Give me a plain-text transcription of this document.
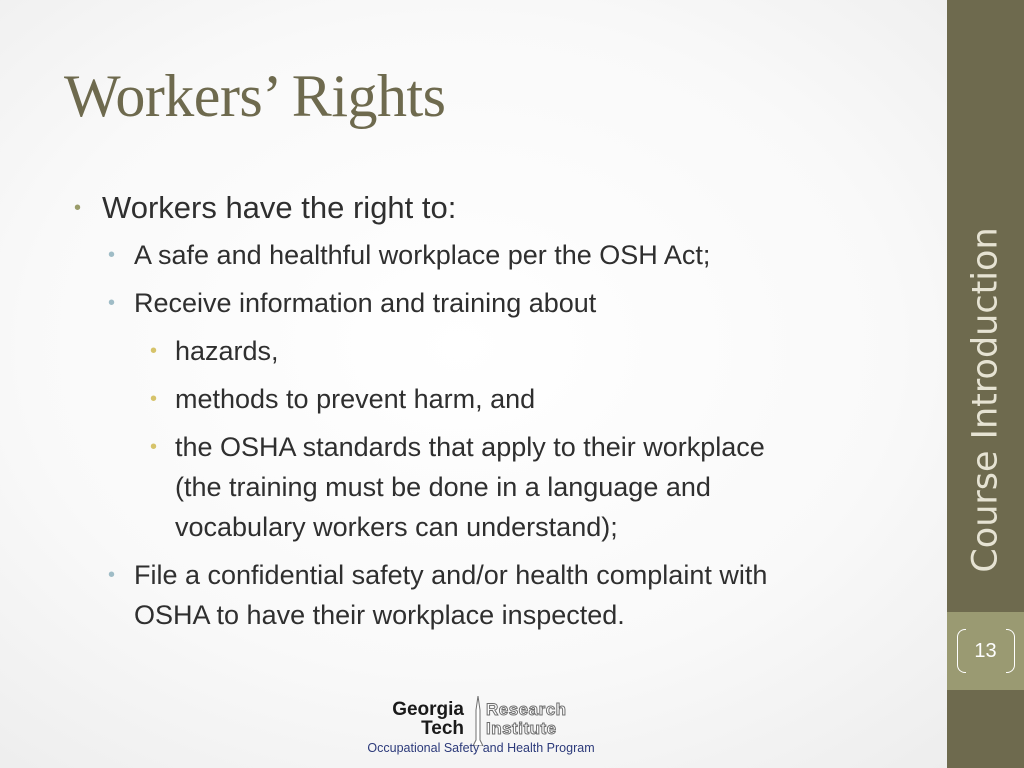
Workers’ Rights
• Workers have the right to:
• A safe and healthful workplace per the OSH Act;
• Receive information and training about
• hazards,
• methods to prevent harm, and
• the OSHA standards that apply to their workplace
(the training must be done in a language and
vocabulary workers can understand);
• File a confidential safety and/or health complaint with
OSHA to have their workplace inspected.
Course Introduction
13
Georgia
Tech
Research
Institute
Occupational Safety and Health Program
